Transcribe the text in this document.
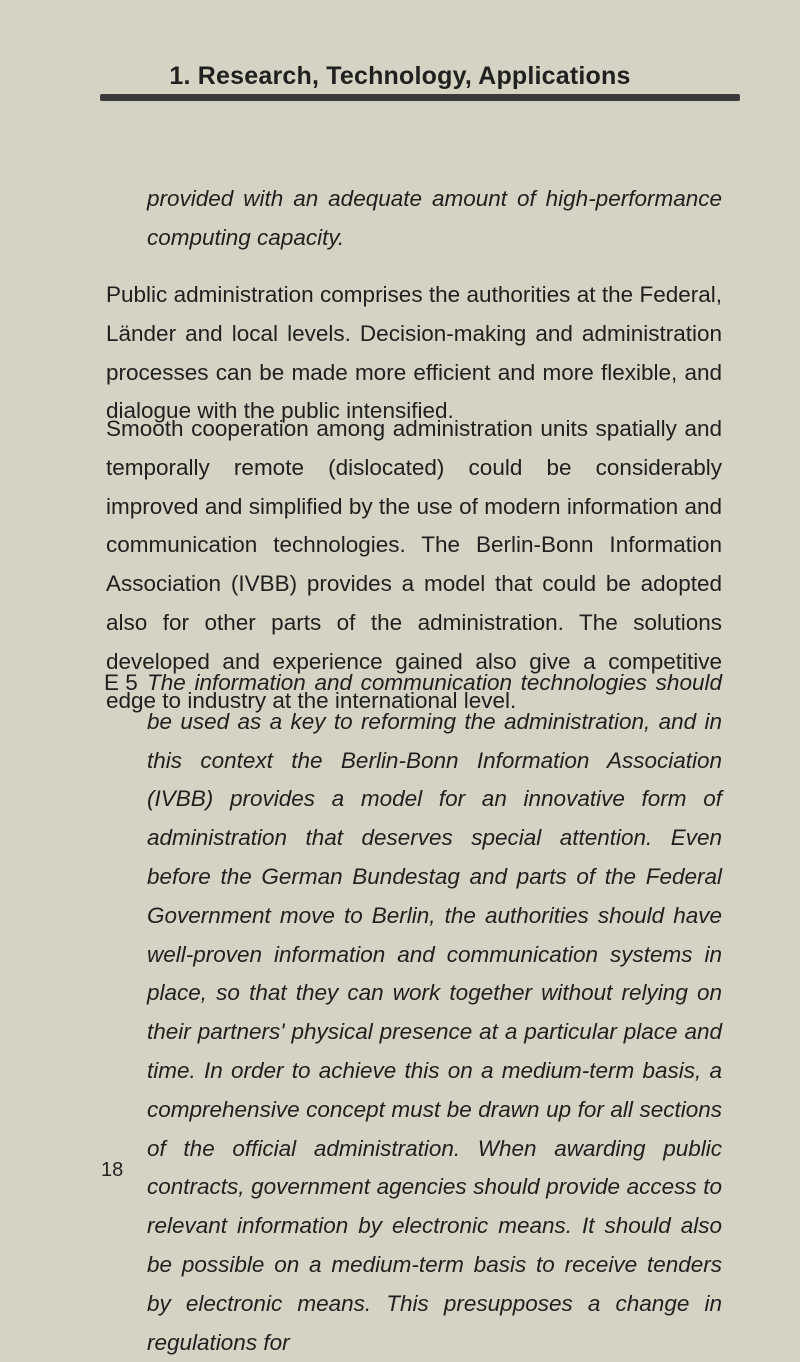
1. Research, Technology, Applications
provided with an adequate amount of high-performance computing capacity.
Public administration comprises the authorities at the Federal, Länder and local levels. Decision-making and administration processes can be made more efficient and more flexible, and dialogue with the public intensified.
Smooth cooperation among administration units spatially and temporally remote (dislocated) could be considerably improved and simplified by the use of modern information and communication technologies. The Berlin-Bonn Information Association (IVBB) provides a model that could be adopted also for other parts of the administration. The solutions developed and experience gained also give a competitive edge to industry at the international level.
E 5 The information and communication technologies should be used as a key to reforming the administration, and in this context the Berlin-Bonn Information Association (IVBB) provides a model for an innovative form of administration that deserves special attention. Even before the German Bundestag and parts of the Federal Government move to Berlin, the authorities should have well-proven information and communication systems in place, so that they can work together without relying on their partners' physical presence at a particular place and time. In order to achieve this on a medium-term basis, a comprehensive concept must be drawn up for all sections of the official administration. When awarding public contracts, government agencies should provide access to relevant information by electronic means. It should also be possible on a medium-term basis to receive tenders by electronic means. This presupposes a change in regulations for
18
